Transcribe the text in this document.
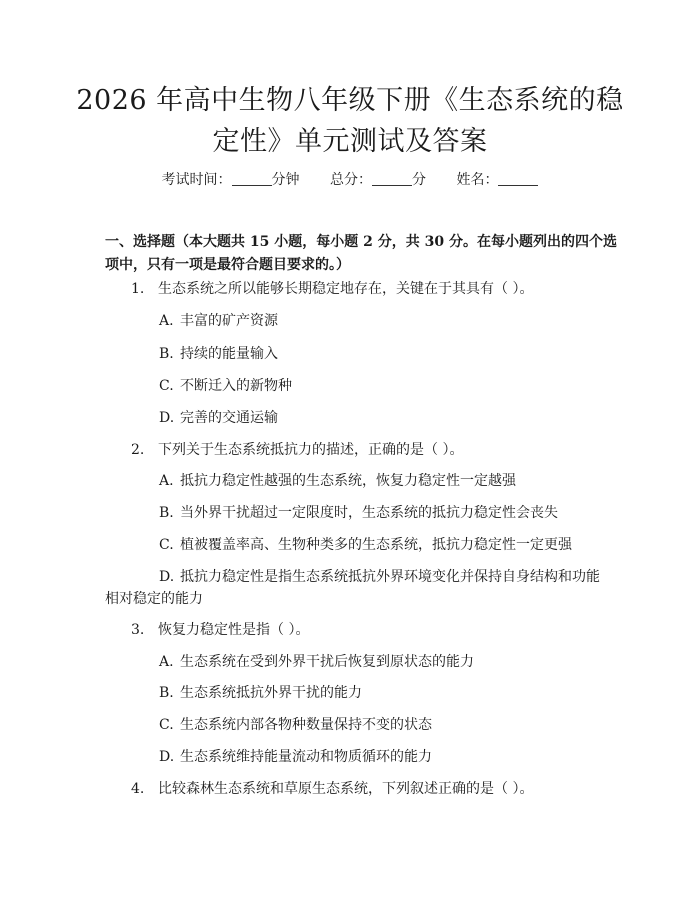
2026 年高中生物八年级下册《生态系统的稳
定性》单元测试及答案
考试时间：	分钟 总分：	分 姓名：
一、选择题（本大题共 15 小题，每小题 2 分，共 30 分。在每小题列出的四个选
项中，只有一项是最符合题目要求的。）

1. 生态系统之所以能够长期稳定地存在，关键在于其具有（ ）。

A. 丰富的矿产资源

B. 持续的能量输入

C. 不断迁入的新物种

D. 完善的交通运输

2. 下列关于生态系统抵抗力的描述，正确的是（ ）。

A. 抵抗力稳定性越强的生态系统，恢复力稳定性一定越强

B. 当外界干扰超过一定限度时，生态系统的抵抗力稳定性会丧失

C. 植被覆盖率高、生物种类多的生态系统，抵抗力稳定性一定更强

D. 抵抗力稳定性是指生态系统抵抗外界环境变化并保持自身结构和功能

相对稳定的能力

3. 恢复力稳定性是指（ ）。

A. 生态系统在受到外界干扰后恢复到原状态的能力

B. 生态系统抵抗外界干扰的能力

C. 生态系统内部各物种数量保持不变的状态

D. 生态系统维持能量流动和物质循环的能力

4. 比较森林生态系统和草原生态系统，下列叙述正确的是（ ）。
